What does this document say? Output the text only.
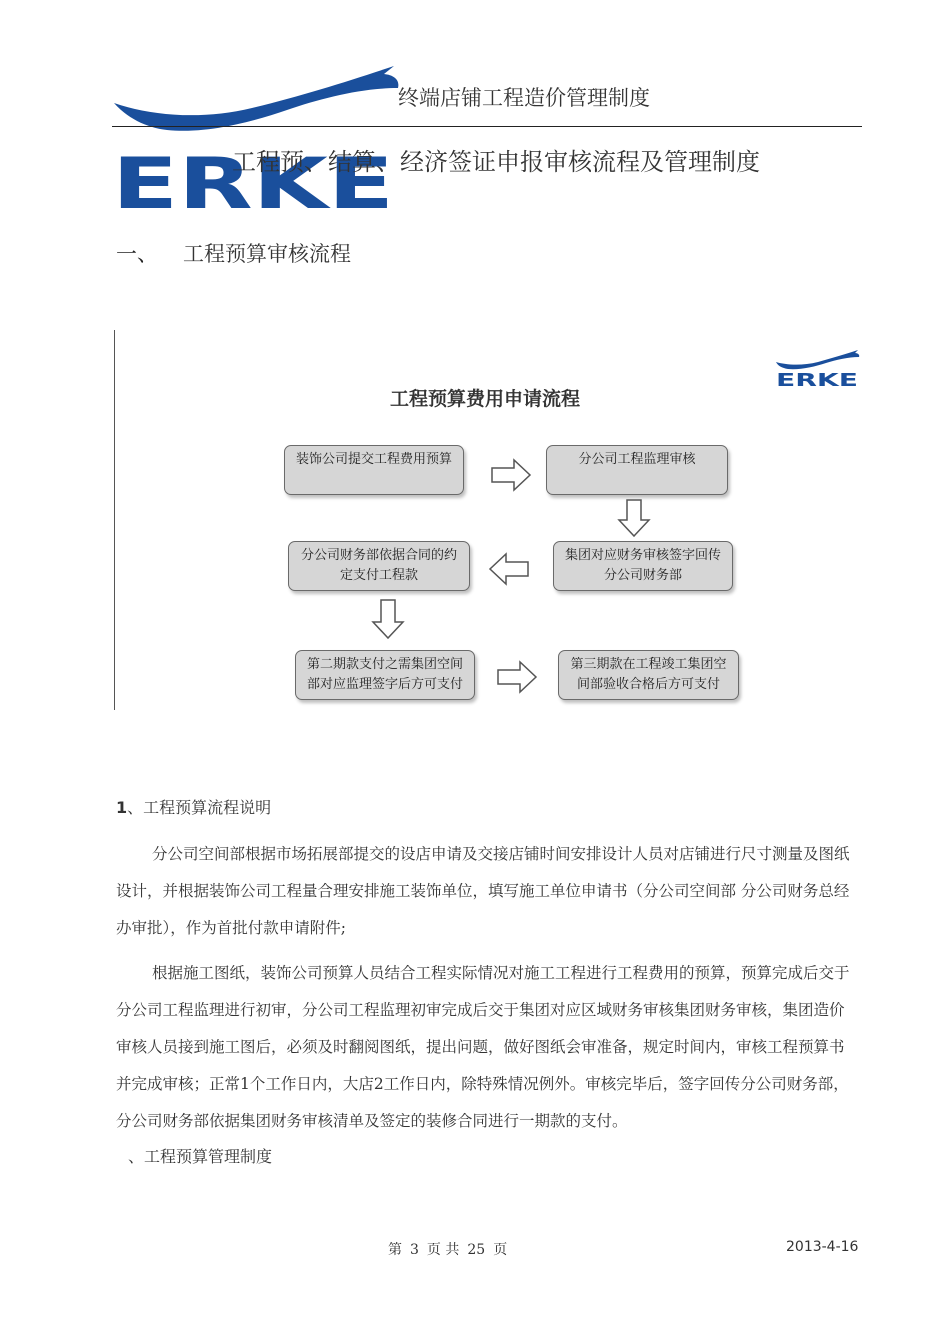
ERKE
终端店铺工程造价管理制度
工程预、结算、经济签证申报审核流程及管理制度
一、 工程预算审核流程
ERKE
工程预算费用申请流程
装饰公司提交工程费用预算	分公司工程监理审核
集团对应财务审核签字回传分公司财务部
分公司财务部依据合同的约定支付工程款
第二期款支付之需集团空间部对应监理签字后方可支付
第三期款在工程竣工集团空间部验收合格后方可支付
1、工程预算流程说明
分公司空间部根据市场拓展部提交的设店申请及交接店铺时间安排设计人员对店铺进行尺寸测量及图纸设计，并根据装饰公司工程量合理安排施工装饰单位，填写施工单位申请书（分公司空间部 分公司财务总经办审批），作为首批付款申请附件;
根据施工图纸，装饰公司预算人员结合工程实际情况对施工工程进行工程费用的预算，预算完成后交于分公司工程监理进行初审，分公司工程监理初审完成后交于集团对应区域财务审核集团财务审核，集团造价审核人员接到施工图后，必须及时翻阅图纸，提出问题，做好图纸会审准备，规定时间内，审核工程预算书并完成审核；正常1个工作日内，大店2工作日内，除特殊情况例外。审核完毕后，签字回传分公司财务部，分公司财务部依据集团财务审核清单及签定的装修合同进行一期款的支付。
、工程预算管理制度
第 3 页 共 25 页	2013-4-16
